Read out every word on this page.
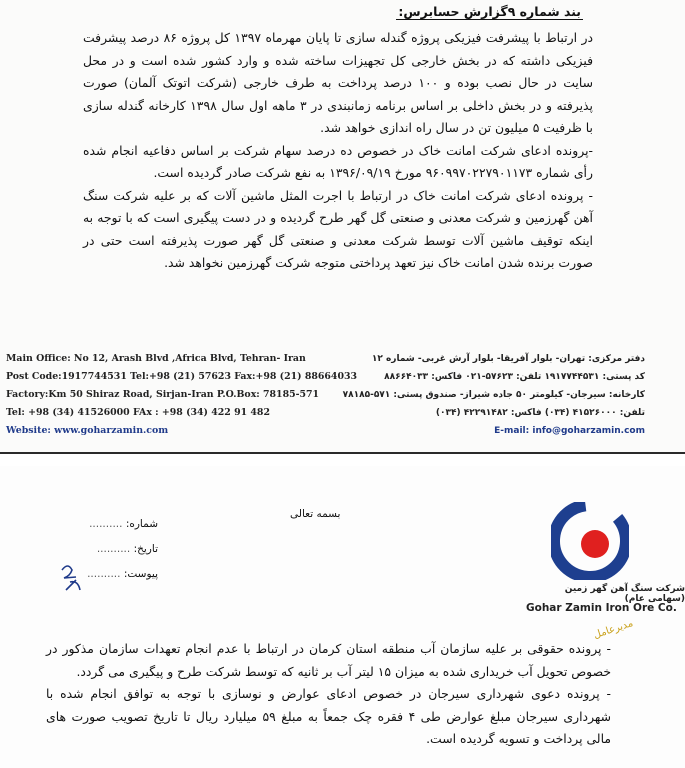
بند شماره ۹گزارش حسابرس:

در ارتباط با پیشرفت فیزیکی پروژه گندله سازی تا پایان مهرماه ۱۳۹۷ کل پروژه ۸۶ درصد پیشرفت فیزیکی داشته که در بخش خارجی کل تجهیزات ساخته شده و وارد کشور شده است و در محل سایت در حال نصب بوده و ۱۰۰ درصد پرداخت به طرف خارجی (شرکت اتوتک آلمان) صورت پذیرفته و در بخش داخلی بر اساس برنامه زمانبندی در ۳ ماهه اول سال ۱۳۹۸ کارخانه گندله سازی با ظرفیت ۵ میلیون تن در سال راه اندازی خواهد شد.

-پرونده ادعای شرکت امانت خاک در خصوص ده درصد سهام شرکت بر اساس دفاعیه انجام شده رأی شماره ۹۶۰۹۹۷۰۲۲۷۹۰۱۱۷۳ مورخ ۱۳۹۶/۰۹/۱۹ به نفع شرکت صادر گردیده است.

- پرونده ادعای شرکت امانت خاک در ارتباط با اجرت المثل ماشین آلات که بر علیه شرکت سنگ آهن گهرزمین و شرکت معدنی و صنعتی گل گهر طرح گردیده و در دست پیگیری است که با توجه به اینکه توقیف ماشین آلات توسط شرکت معدنی و صنعتی گل گهر صورت پذیرفته است حتی در صورت برنده شدن امانت خاک نیز تعهد پرداختی متوجه شرکت گهرزمین نخواهد شد.

Main Office: No 12, Arash Blvd ,Africa Blvd, Tehran- Iran
Post Code:1917744531 Tel:+98 (21) 57623 Fax:+98 (21) 88664033
Factory:Km 50 Shiraz Road, Sirjan-Iran P.O.Box: 78185-571
Tel: +98 (34) 41526000 FAx : +98 (34) 422 91 482
Website: www.goharzamin.com
دفتر مرکزی: تهران- بلوار آفریقا- بلوار آرش غربی- شماره ۱۲
کد پستی: ۱۹۱۷۷۴۴۵۳۱ تلفن: ۵۷۶۲۳-۰۲۱ فاکس: ۸۸۶۶۴۰۳۳
کارخانه: سیرجان- کیلومتر ۵۰ جاده شیراز- صندوق پستی: ۵۷۱-۷۸۱۸۵
تلفن: ۴۱۵۲۶۰۰۰ (۰۳۴) فاکس: ۴۲۲۹۱۴۸۲ (۰۳۴)
E-mail: info@goharzamin.com
شماره: ..........
تاریخ: ..........
پیوست: ..........
بسمه تعالی
شرکت سنگ آهن گهر زمین (سهامی عام)
Gohar Zamin Iron Ore Co.
مدیرعامل

- پرونده حقوقی بر علیه سازمان آب منطقه استان کرمان در ارتباط با عدم انجام تعهدات سازمان مذکور در خصوص تحویل آب خریداری شده به میزان ۱۵ لیتر آب بر ثانیه که توسط شرکت طرح و پیگیری می گردد.

- پرونده دعوی شهرداری سیرجان در خصوص ادعای عوارض و نوسازی با توجه به توافق انجام شده با شهرداری سیرجان مبلغ عوارض طی ۴ فقره چک جمعاً به مبلغ ۵۹ میلیارد ریال تا تاریخ تصویب صورت های مالی پرداخت و تسویه گردیده است.
